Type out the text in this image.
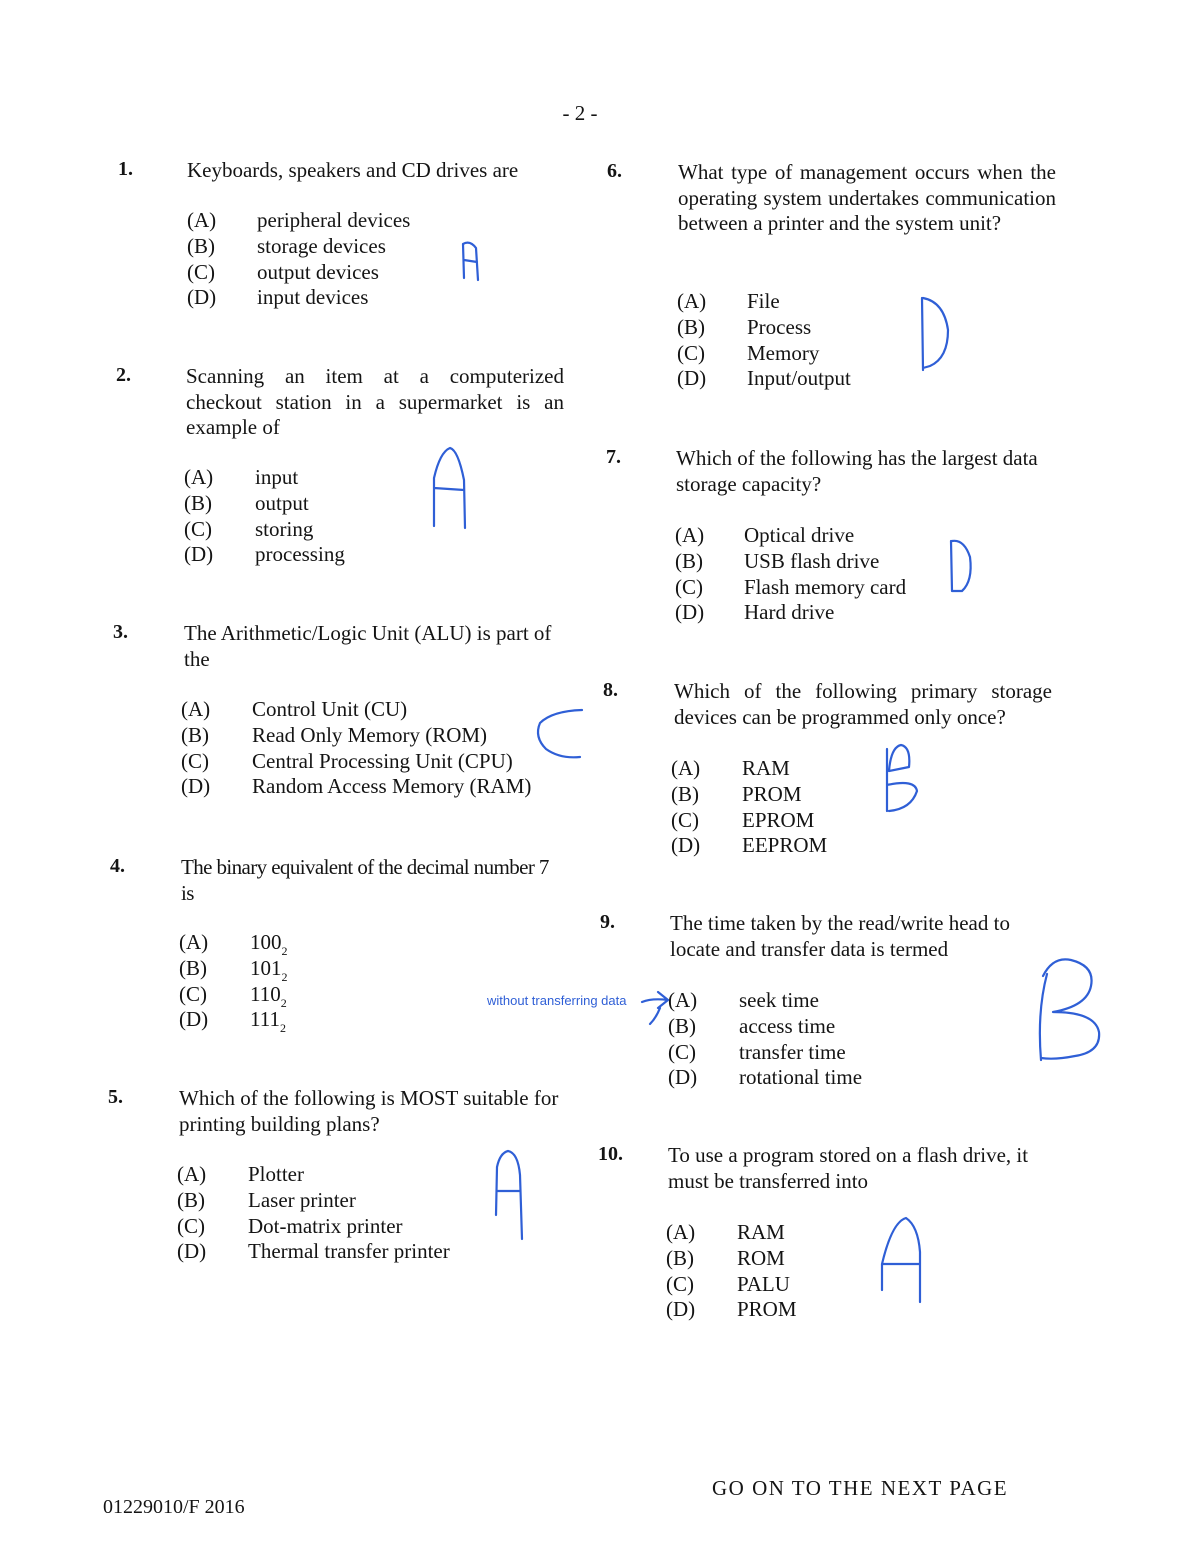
- 2 -
1.	Keyboards, speakers and CD drives are
(A) peripheral devices
(B) storage devices
(C) output devices
(D) input devices
2.	Scanning an item at a computerized checkout station in a supermarket is an example of
(A) input
(B) output
(C) storing
(D) processing
3.	The Arithmetic/Logic Unit (ALU) is part of the
(A) Control Unit (CU)
(B) Read Only Memory (ROM)
(C) Central Processing Unit (CPU)
(D) Random Access Memory (RAM)
4.	The binary equivalent of the decimal number 7 is
(A) $100_2$
(B) $101_2$
(C) $110_2$
(D) $111_2$
5.	Which of the following is MOST suitable for printing building plans?
(A) Plotter
(B) Laser printer
(C) Dot-matrix printer
(D) Thermal transfer printer
6.	What type of management occurs when the operating system undertakes communication between a printer and the system unit?
(A) File
(B) Process
(C) Memory
(D) Input/output
7.	Which of the following has the largest data storage capacity?
(A) Optical drive
(B) USB flash drive
(C) Flash memory card
(D) Hard drive
8.	Which of the following primary storage devices can be programmed only once?
(A) RAM
(B) PROM
(C) EPROM
(D) EEPROM
9.	The time taken by the read/write head to locate and transfer data is termed
(A) seek time
(B) access time
(C) transfer time
(D) rotational time
10. To use a program stored on a flash drive, it must be transferred into
(A) RAM
(B) ROM
(C) PALU
(D) PROM
without transferring data
01229010/F 2016
GO ON TO THE NEXT PAGE
